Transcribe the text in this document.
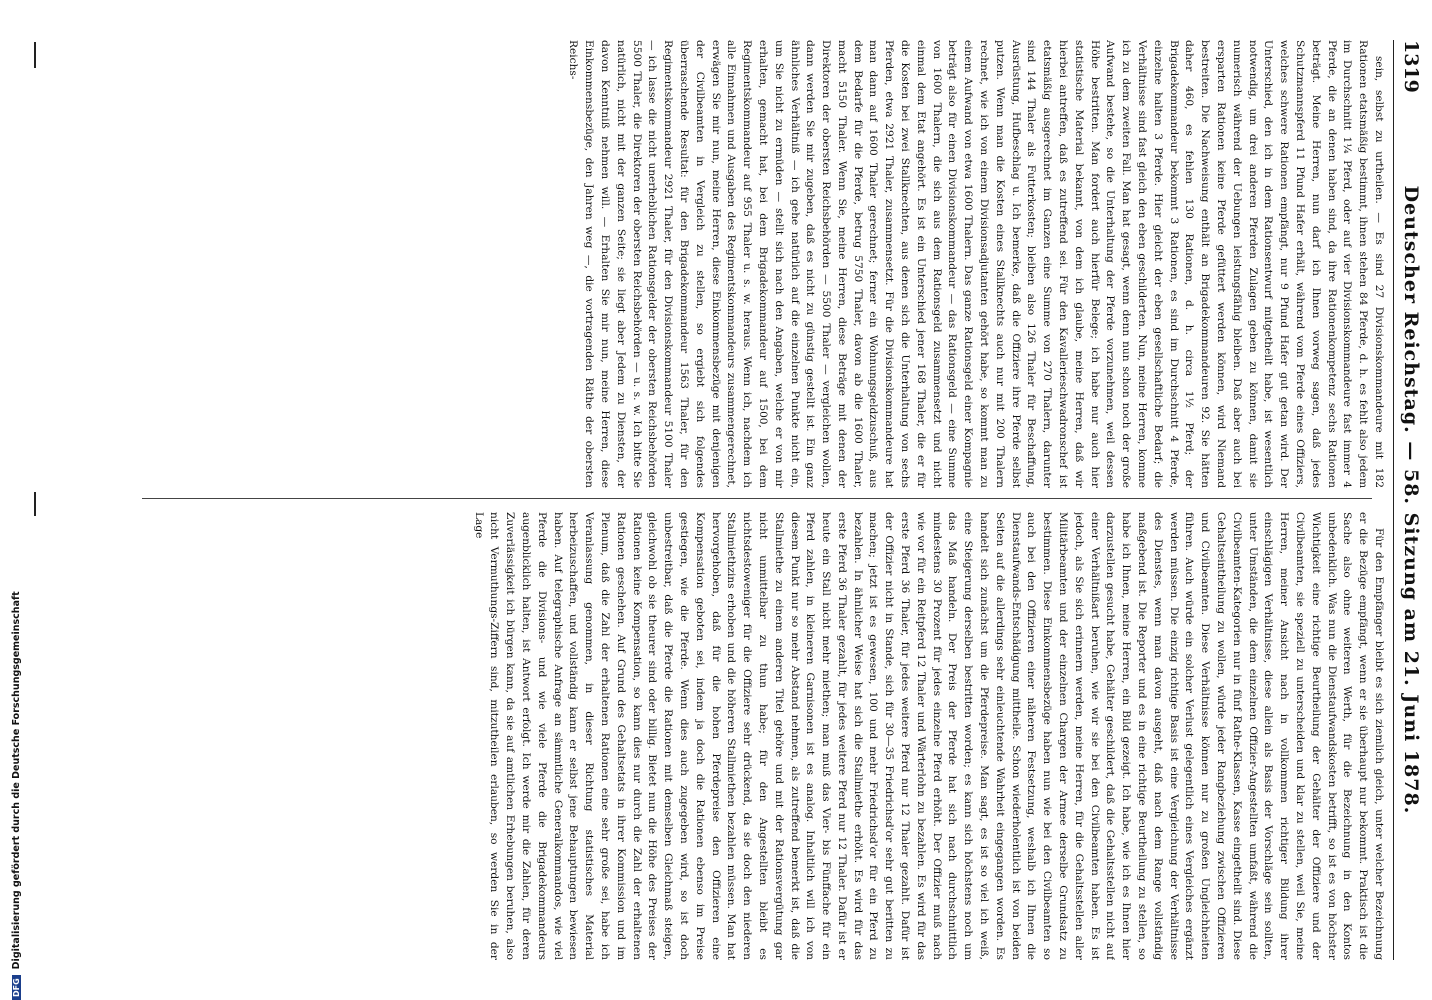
DFGDigitalisierung gefördert durch die Deutsche Forschungsgemeinschaft
1319
Deutscher Reichstag. — 58. Sitzung am 21. Juni 1878.

sein, selbst zu urtheilen. — Es sind 27 Divisionskommandeure mit 182 Rationen etatsmäßig bestimmt, ihnen stehen 84 Pferde, d. h. es fehlt also jedem im Durchschnitt 1¼ Pferd, oder auf vier Divisionskommandeure fast immer 4 Pferde, die an denen haben sind, da ihre Rationenkompetenz sechs Rationen beträgt. Meine Herren, nun darf ich Ihnen vorweg sagen, daß jedes Schutzmannspferd 11 Pfund Hafer erhält, während vom Pferde eines Offiziers, welches schwere Rationen empfängt, nur 9 Pfund Hafer gut getan wird. Der Unterschied, den ich in dem Rationsentwurf mitgetheilt habe, ist wesentlich notwendig, um drei anderen Pferden Zulagen geben zu können, damit sie numerisch während der Uebungen leistungsfähig bleiben. Daß aber auch bei ersparten Rationen keine Pferde gefüttert werden können, wird Niemand bestreiten. Die Nachweisung enthält an Brigadekommandeuren 92. Sie hätten daher 460, es fehlen 130 Rationen, d. h. circa 1½ Pferd; der Brigadekommandeur bekommt 3 Rationen, es sind im Durchschnitt 4 Pferde, einzelne halten 3 Pferde. Hier gleicht der eben gesellschaftliche Bedarf; die Verhältnisse sind fast gleich den eben geschilderten. Nun, meine Herren, komme ich zu dem zweiten Fall. Man hat gesagt, wenn denn nun schon noch der große Aufwand bestehe, so die Unterhaltung der Pferde vorzunehmen, weil dessen Höhe bestritten. Man fordert auch hierfür Belege; ich habe nur auch hier statistische Material bekannt, von dem ich glaube, meine Herren, daß wir hierbei antreffen, daß es zutreffend sei. Für den Kavallerieschwadronschef ist etatsmäßig ausgerechnet im Ganzen eine Summe von 270 Thalern, darunter sind 144 Thaler als Futterkosten; bleiben also 126 Thaler für Beschaffung, Ausrüstung, Hufbeschlag u. Ich bemerke, daß die Offiziere ihre Pferde selbst putzen. Wenn man die Kosten eines Stallknechts auch nur mit 200 Thalern rechnet, wie ich von einem Divisionsadjutanten gehört habe, so kommt man zu einem Aufwand von etwa 1600 Thalern. Das ganze Rationsgeld einer Kompagnie beträgt also für einen Divisionskommandeur — das Rationsgeld — eine Summe von 1600 Thalern, die sich aus dem Rationsgeld zusammensetzt und nicht einmal dem Etat angehört. Es ist ein Unterschied jener 168 Thaler, die er für die Kosten bei zwei Stallknechten, aus denen sich die Unterhaltung von sechs Pferden, etwa 2921 Thaler, zusammensetzt. Für die Divisionskommandeure hat man dann auf 1600 Thaler gerechnet; ferner ein Wohnungsgeldzuschuß, aus dem Bedarfe für die Pferde, betrug 5750 Thaler, davon ab die 1600 Thaler, macht 5150 Thaler. Wenn Sie, meine Herren, diese Beträge mit denen der Direktoren der obersten Reichsbehörden — 5500 Thaler — vergleichen wollen, dann werden Sie mir zugeben, daß es nicht zu günstig gestellt ist. Ein ganz ähnliches Verhältniß — ich gehe natürlich auf die einzelnen Punkte nicht ein, um Sie nicht zu ermüden — stellt sich nach den Angaben, welche er von mir erhalten, gemacht hat, bei dem Brigadekommandeur auf 1500, bei dem Regimentskommandeur auf 955 Thaler u. s. w. heraus. Wenn ich, nachdem ich alle Einnahmen und Ausgaben des Regimentskommandeurs zusammengerechnet, erwägen Sie mir nun, meine Herren, diese Einkommensbezüge mit denjenigen der Civilbeamten in Vergleich zu stellen, so ergiebt sich folgendes überraschende Resultat: für den Brigadekommandeur 1563 Thaler, für den Regimentskommandeur 2921 Thaler, für den Divisionskommandeur 5100 Thaler — ich lasse die nicht unerheblichen Rationsgelder der obersten Reichsbehörden 5500 Thaler, die Direktoren der obersten Reichsbehörden — u. s. w. Ich bitte Sie natürlich, nicht mit der ganzen Seite; sie liegt aber Jedem zu Diensten, der davon Kenntniß nehmen will. — Erhalten Sie mir nun, meine Herren, diese Einkommensbezüge, den Jahren weg —, die vortragenden Räthe der obersten Reichs-

Für den Empfänger bleibt es sich ziemlich gleich, unter welcher Bezeichnung er die Bezüge empfängt, wenn er sie überhaupt nur bekommt. Praktisch ist die Sache also ohne weiteren Werth, für die Bezeichnung in den Kontos unbedenklich. Was nun die Dienstaufwandskosten betrifft, so ist es von höchster Wichtigkeit eine richtige Beurtheilung der Gehälter der Offiziere und der Civilbeamten, sie speziell zu unterscheiden und klar zu stellen, weil Sie, meine Herren, meiner Ansicht nach in vollkommen richtiger Bildung ihrer einschlägigen Verhältnisse, diese allein als Basis der Vorschläge sein sollten, unter Umständen, die dem einzelnen Offizier-Angestellten umfaßt, während die Civilbeamten-Kategorien nur in fünf Rathe-Klassen, Kasse eingetheilt sind. Diese Gehaltseintheilung zu wollen, würde jeder Rangbeziehung zwischen Offizieren und Civilbeamten. Diese Verhältnisse können nur zu großen Ungleichheiten führen. Auch würde ein solcher Verlust gelegentlich eines Vergleiches ergänzt werden müssen. Die einzig richtige Basis ist eine Vergleichung der Verhältnisse des Dienstes, wenn man davon ausgeht, daß nach dem Range vollständig maßgebend ist. Die Reporter und es in eine richtige Beurtheilung zu stellen, so habe ich Ihnen, meine Herren, ein Bild gezeigt. Ich habe, wie ich es Ihnen hier darzustellen gesucht habe, Gehälter geschildert, daß die Gehaltsstellen nicht auf einer Verhältnißart beruhen, wie wir sie bei den Civilbeamten haben. Es ist jedoch, als Sie sich erinnern werden, meine Herren, für die Gehaltsstellen aller Militärbeamten und der einzelnen Chargen der Armee derselbe Grundsatz zu bestimmen. Diese Einkommensbezüge haben nun wie bei den Civilbeamten so auch bei den Offizieren einer näheren Festsetzung, weshalb ich Ihnen die Dienstaufwands-Entschädigung mittheile. Schon wiederholentlich ist von beiden Seiten auf die allerdings sehr einleuchtende Wahrheit eingegangen worden. Es handelt sich zunächst um die Pferdepreise. Man sagt, es ist so viel ich weiß, eine Steigerung derselben bestritten worden; es kann sich höchstens noch um das Maß handeln. Der Preis der Pferde hat sich nach durchschnittlich mindestens 30 Prozent für jedes einzelne Pferd erhöht. Der Offizier muß nach wie vor für ein Reitpferd 12 Thaler und Wärterlohn zu bezahlen. Es wird für das erste Pferd 36 Thaler, für jedes weitere Pferd nur 12 Thaler gezahlt. Dafür ist der Offizier nicht in Stande, sich für 30—35 Friedrichsd'or sehr gut beritten zu machen; jetzt ist es gewesen, 100 und mehr Friedrichsd'or für ein Pferd zu bezahlen. In ähnlicher Weise hat sich die Stallmiethe erhöht. Es wird für das erste Pferd 36 Thaler gezahlt, für jedes weitere Pferd nur 12 Thaler. Dafür ist er heute ein Stall nicht mehr miethen; man muß das Vier- bis Fünffache für ein Pferd zahlen, in kleineren Garnisonen ist es analog. Inhaltlich will ich von diesem Punkt nur so mehr Abstand nehmen, als zutreffend bemerkt ist, daß die Stallmiethe zu einem anderen Titel gehöre und mit der Rationsvergütung gar nicht unmittelbar zu thun habe; für den Angestellten bleibt es nichtsdestoweniger für die Offiziere sehr drückend, da sie doch den niederen Stallmiethzins erhoben und die höheren Stallmiethen bezahlen müssen. Man hat hervorgehoben, daß für die hohen Pferdepreise den Offizieren eine Kompensation geboten sei, indem ja doch die Rationen ebenso im Preise gestiegen, wie die Pferde. Wenn dies auch zugegeben wird, so ist doch unbestreitbar, daß die Pferde die Rationen mit demselben Gleichmaß steigen, gleichwohl ob sie theurer sind oder billig. Bietet nun die Höhe des Preises der Rationen keine Kompensation, so kann dies nur durch die Zahl der erhaltenen Rationen geschehen. Auf Grund des Gehaltsetats in ihrer Kommission und im Plenum, daß die Zahl der erhaltenen Rationen eine sehr große sei, habe ich Veranlassung genommen, in dieser Richtung statistisches Material herbeizuschaffen, und vollständig kann er selbst jene Behauptungen bewiesen haben. Auf telegraphische Anfrage an sämmtliche Generalkommandos, wie viel Pferde die Divisions- und wie viele Pferde die Brigadekommandeurs augenblicklich halten, ist Antwort erfolgt. Ich werde mir die Zahlen, für deren Zuverlässigkeit ich bürgen kann, da sie auf amtlichen Erhebungen beruhen, also nicht Vermuthungs-Ziffern sind, mitzutheilen erlauben, so werden Sie in der Lage
